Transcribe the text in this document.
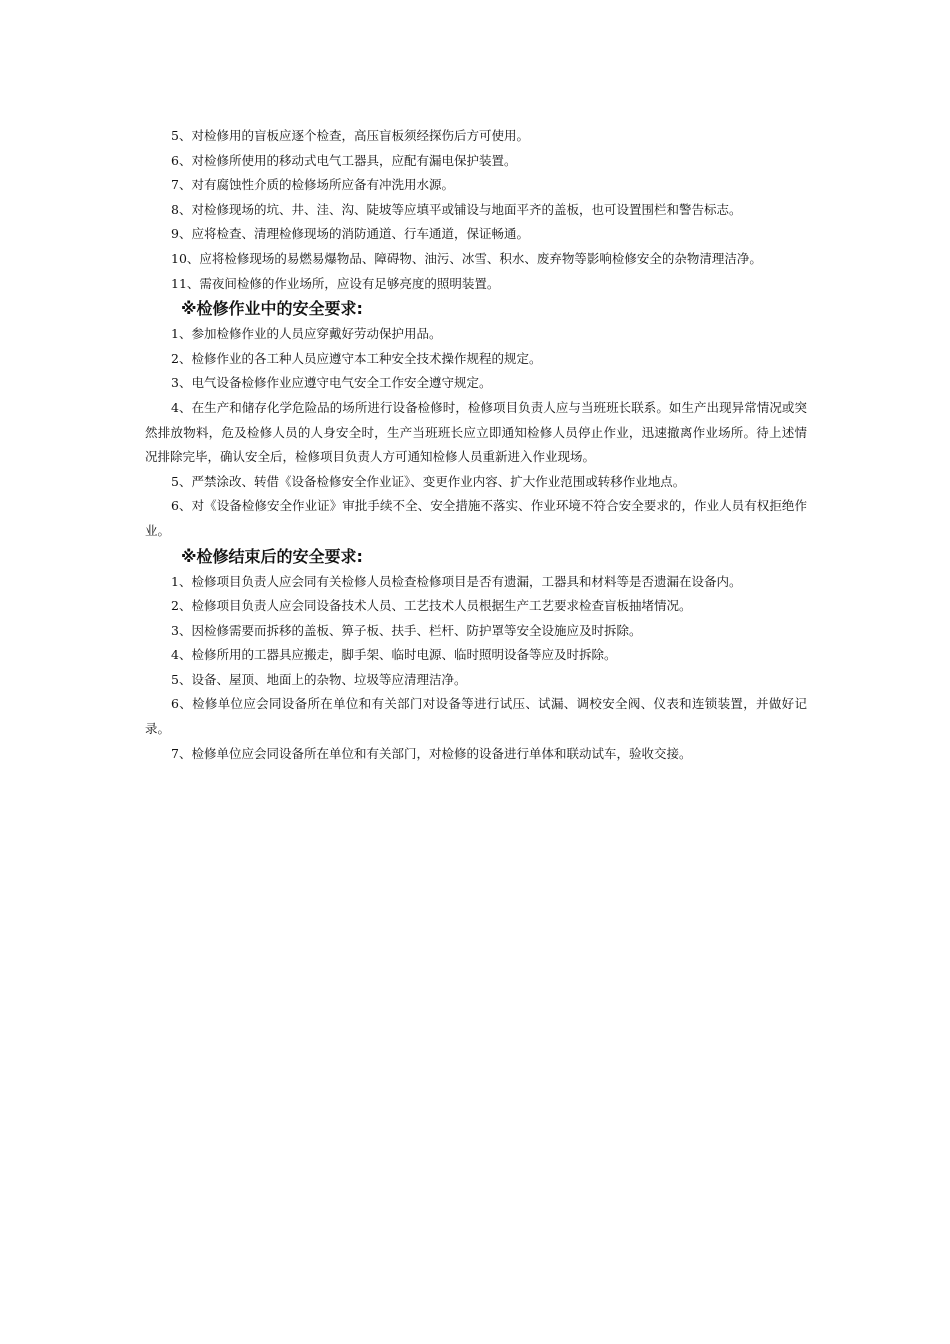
5、对检修用的盲板应逐个检查，高压盲板须经探伤后方可使用。

6、对检修所使用的移动式电气工器具，应配有漏电保护装置。

7、对有腐蚀性介质的检修场所应备有冲洗用水源。

8、对检修现场的坑、井、洼、沟、陡坡等应填平或铺设与地面平齐的盖板，也可设置围栏和警告标志。

9、应将检查、清理检修现场的消防通道、行车通道，保证畅通。

10、应将检修现场的易燃易爆物品、障碍物、油污、冰雪、积水、废弃物等影响检修安全的杂物清理洁净。

11、需夜间检修的作业场所，应设有足够亮度的照明装置。

※检修作业中的安全要求:

1、参加检修作业的人员应穿戴好劳动保护用品。

2、检修作业的各工种人员应遵守本工种安全技术操作规程的规定。

3、电气设备检修作业应遵守电气安全工作安全遵守规定。

4、在生产和储存化学危险品的场所进行设备检修时，检修项目负责人应与当班班长联系。如生产出现异常情况或突然排放物料，危及检修人员的人身安全时，生产当班班长应立即通知检修人员停止作业，迅速撤离作业场所。待上述情况排除完毕，确认安全后，检修项目负责人方可通知检修人员重新进入作业现场。

5、严禁涂改、转借《设备检修安全作业证》、变更作业内容、扩大作业范围或转移作业地点。

6、对《设备检修安全作业证》审批手续不全、安全措施不落实、作业环境不符合安全要求的，作业人员有权拒绝作业。

※检修结束后的安全要求:

1、检修项目负责人应会同有关检修人员检查检修项目是否有遗漏，工器具和材料等是否遗漏在设备内。

2、检修项目负责人应会同设备技术人员、工艺技术人员根据生产工艺要求检查盲板抽堵情况。

3、因检修需要而拆移的盖板、箅子板、扶手、栏杆、防护罩等安全设施应及时拆除。

4、检修所用的工器具应搬走，脚手架、临时电源、临时照明设备等应及时拆除。

5、设备、屋顶、地面上的杂物、垃圾等应清理洁净。

6、检修单位应会同设备所在单位和有关部门对设备等进行试压、试漏、调校安全阀、仪表和连锁装置，并做好记录。

7、检修单位应会同设备所在单位和有关部门，对检修的设备进行单体和联动试车，验收交接。
